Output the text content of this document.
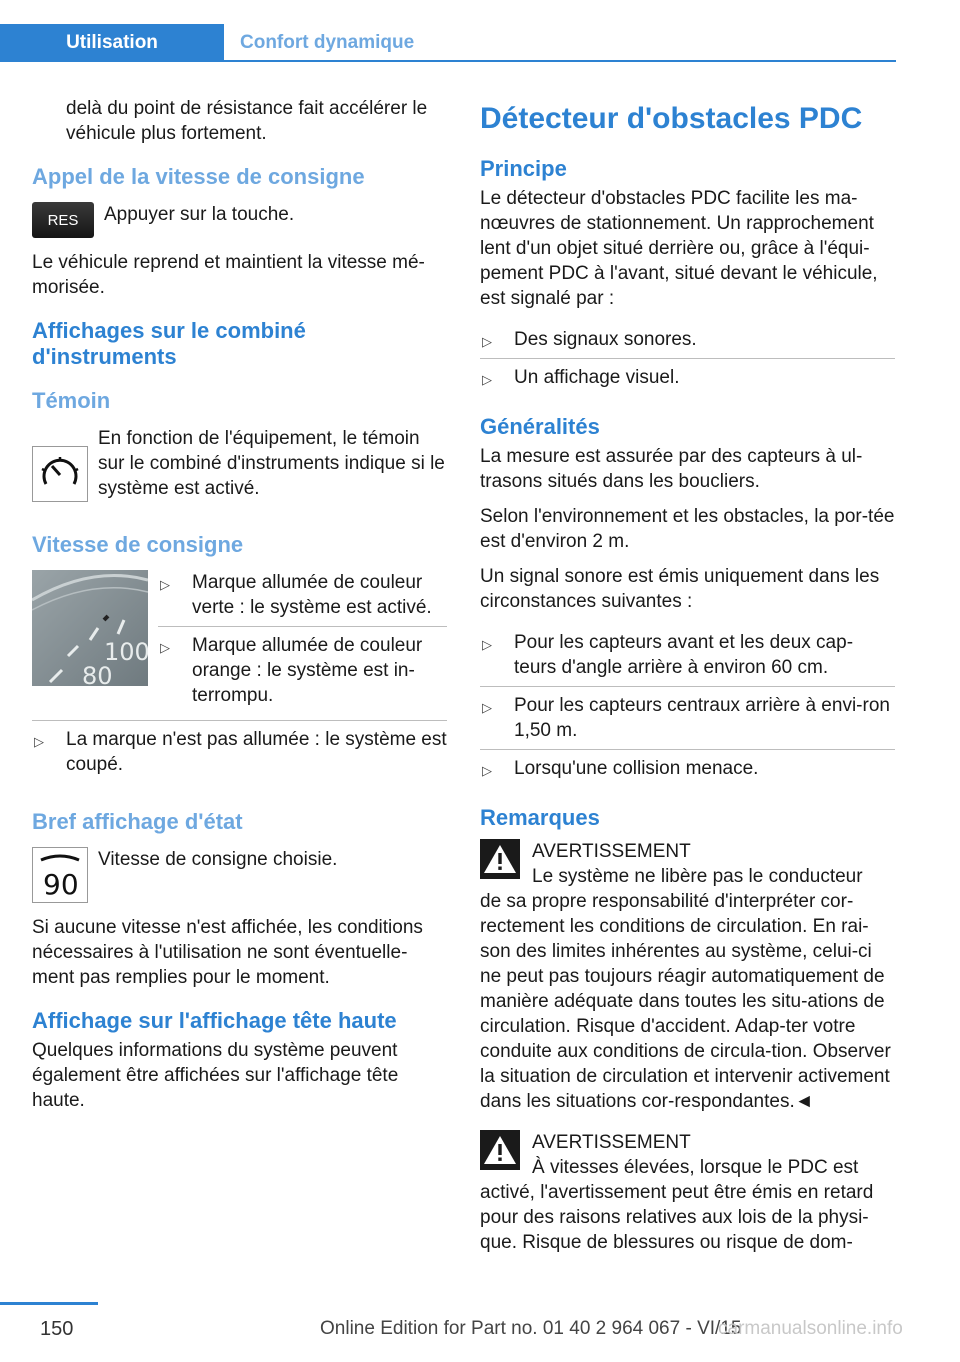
Utilisation	Confort dynamique

delà du point de résistance fait accélérer le véhicule plus fortement.

Appel de la vitesse de consigne
RES Appuyer sur la touche.

Le véhicule reprend et maintient la vitesse mé‐morisée.

Affichages sur le combiné d'instruments
Témoin
En fonction de l'équipement, le témoin sur le combiné d'instruments indique si le système est activé.
Vitesse de consigne
100
80
▷ Marque allumée de couleur verte : le système est activé.
▷ Marque allumée de couleur orange : le système est in‐terrompu.
▷ La marque n'est pas allumée : le système est coupé.
Bref affichage d'état
90
Vitesse de consigne choisie.

Si aucune vitesse n'est affichée, les conditions nécessaires à l'utilisation ne sont éventuelle‐ment pas remplies pour le moment.

Affichage sur l'affichage tête haute

Quelques informations du système peuvent également être affichées sur l'affichage tête haute.

Détecteur d'obstacles PDC
Principe

Le détecteur d'obstacles PDC facilite les ma‐nœuvres de stationnement. Un rapprochement lent d'un objet situé derrière ou, grâce à l'équi‐pement PDC à l'avant, situé devant le véhicule, est signalé par :

▷ Des signaux sonores.
▷ Un affichage visuel.
Généralités

La mesure est assurée par des capteurs à ul‐trasons situés dans les boucliers.

Selon l'environnement et les obstacles, la por‐tée est d'environ 2 m.

Un signal sonore est émis uniquement dans les circonstances suivantes :

▷ Pour les capteurs avant et les deux cap‐teurs d'angle arrière à environ 60 cm.
▷ Pour les capteurs centraux arrière à envi‐ron 1,50 m.
▷ Lorsqu'une collision menace.
Remarques
AVERTISSEMENT
Le système ne libère pas le conducteur

de sa propre responsabilité d'interpréter cor‐rectement les conditions de circulation. En rai‐son des limites inhérentes au système, celui-ci ne peut pas toujours réagir automatiquement de manière adéquate dans toutes les situ‐ations de circulation. Risque d'accident. Adap‐ter votre conduite aux conditions de circula‐tion. Observer la situation de circulation et intervenir activement dans les situations cor‐respondantes.◄

AVERTISSEMENT
À vitesses élevées, lorsque le PDC est

activé, l'avertissement peut être émis en retard pour des raisons relatives aux lois de la physi‐que. Risque de blessures ou risque de dom‐

150	Online Edition for Part no. 01 40 2 964 067 - VI/15
carmanualsonline.info
